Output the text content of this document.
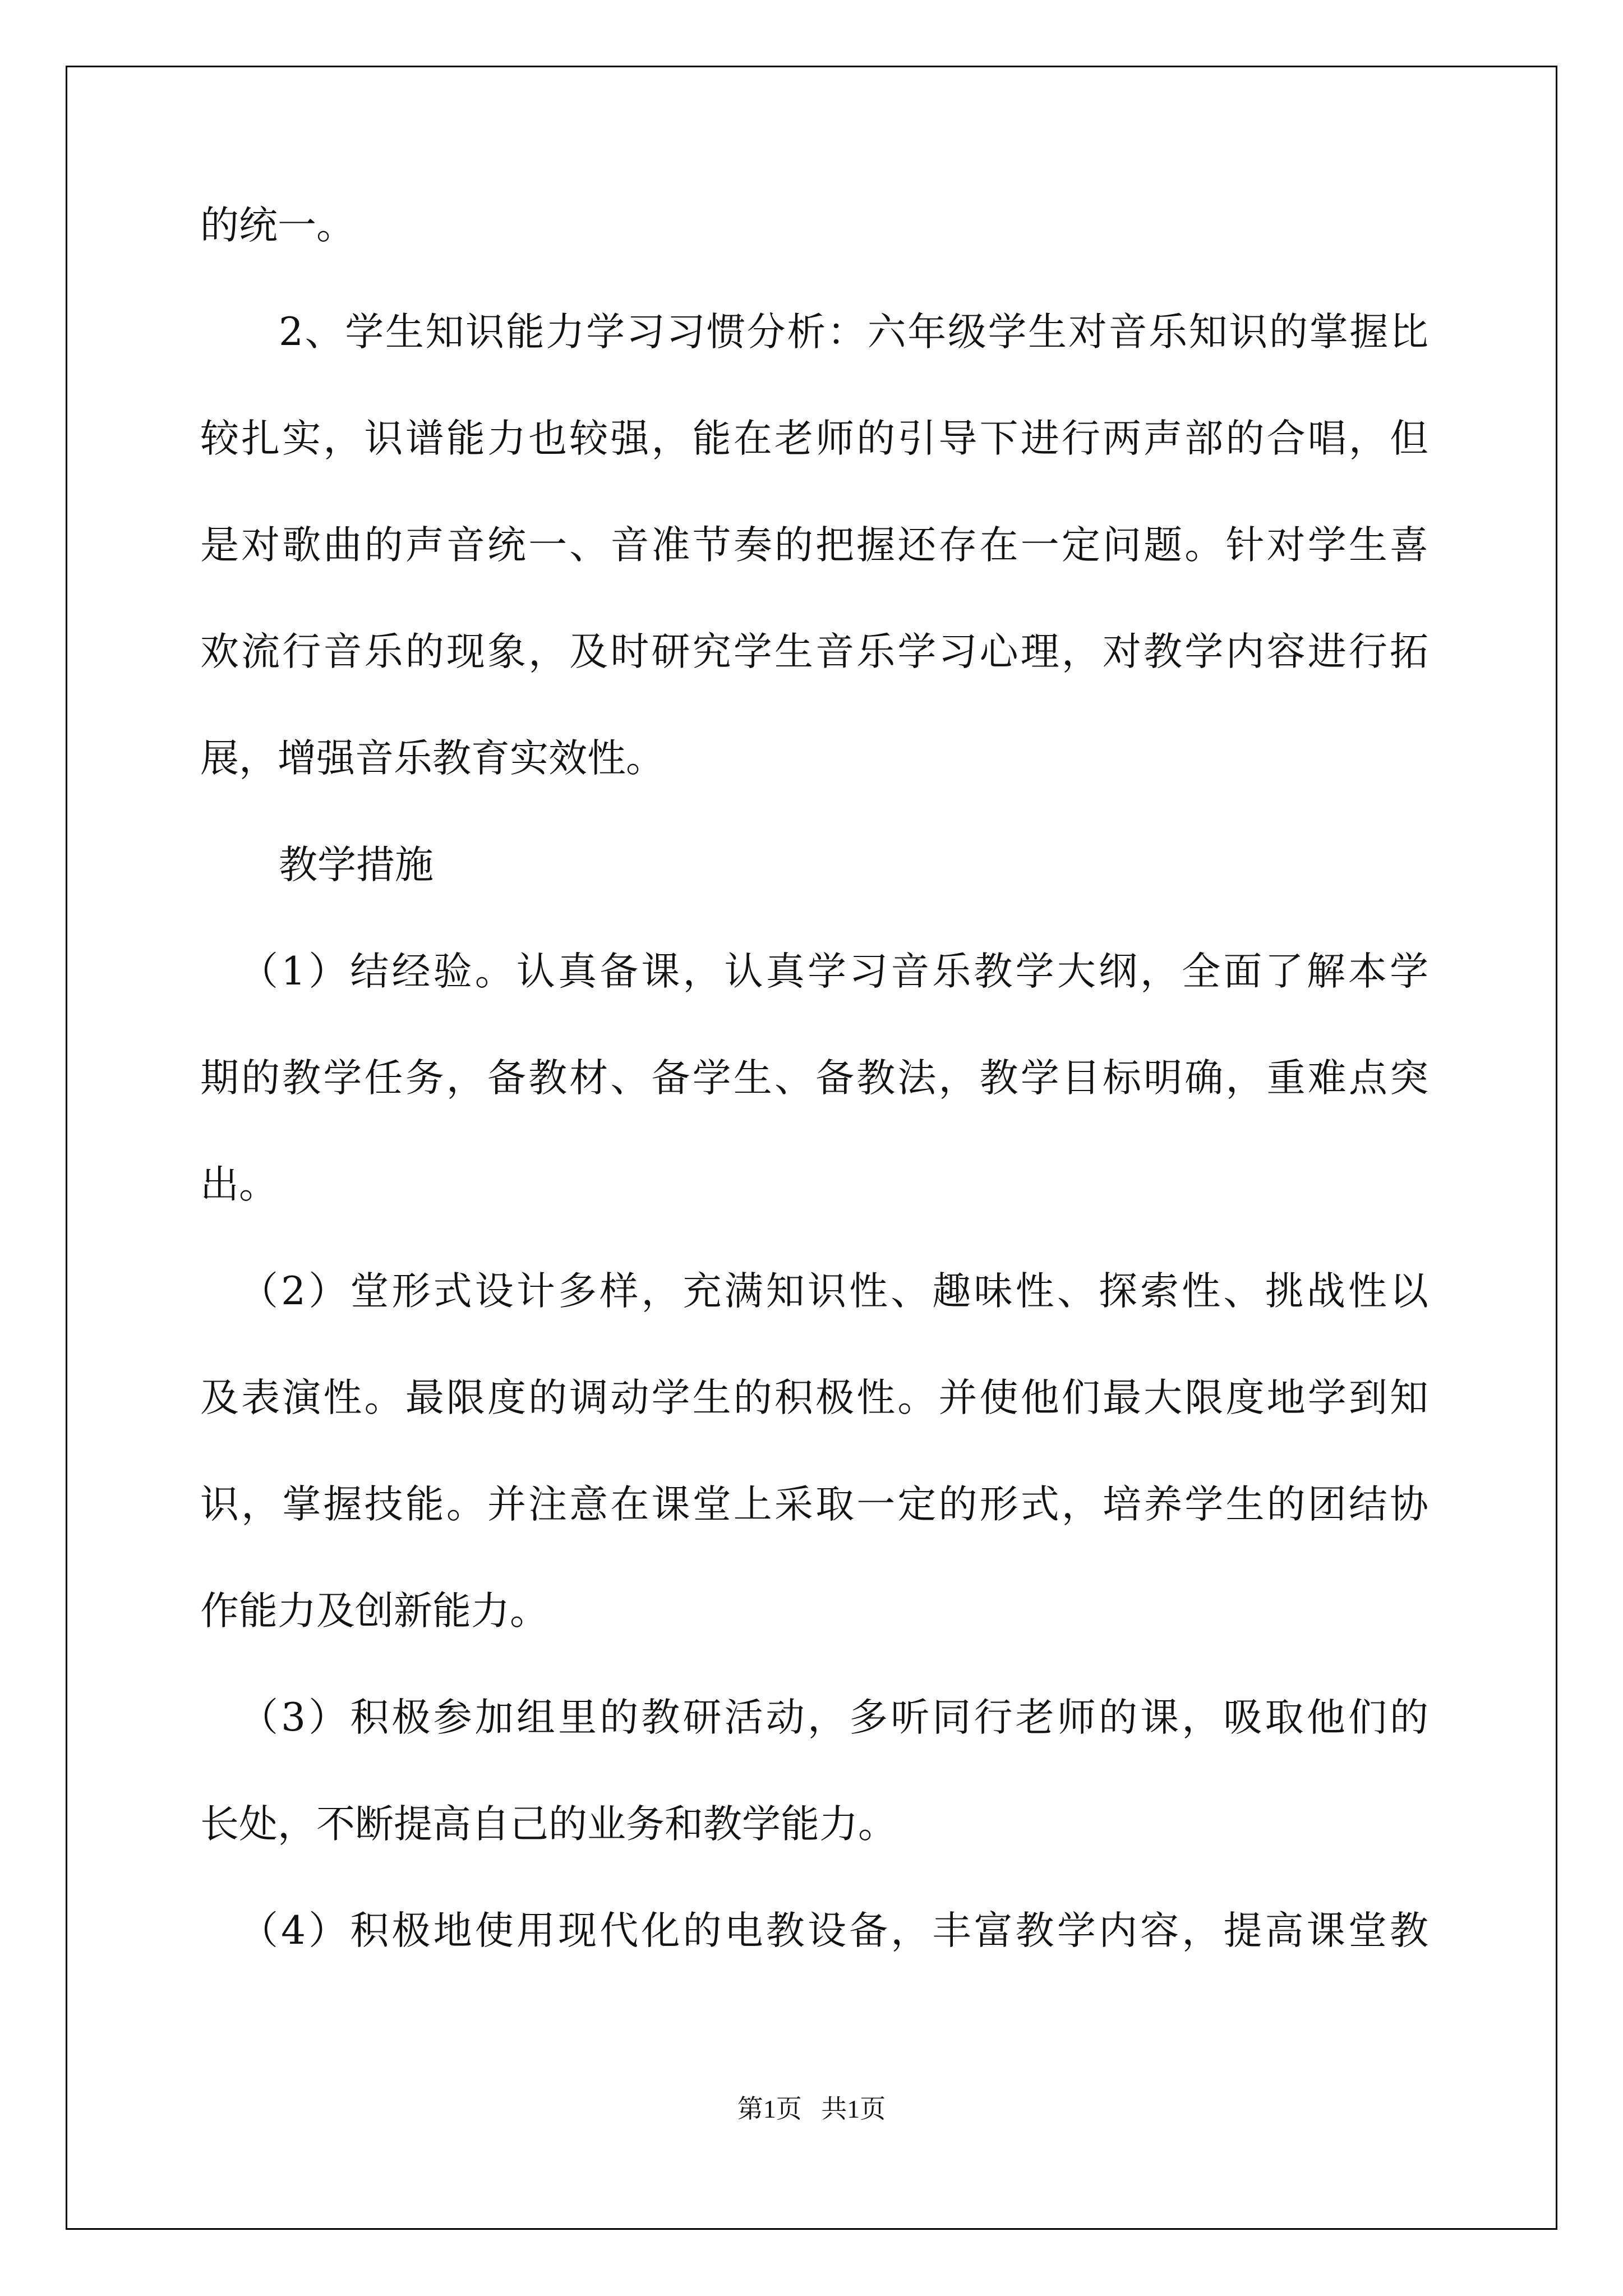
的统一。

2、学生知识能力学习习惯分析：六年级学生对音乐知识的掌握比

较扎实，识谱能力也较强，能在老师的引导下进行两声部的合唱，但

是对歌曲的声音统一、音准节奏的把握还存在一定问题。针对学生喜

欢流行音乐的现象，及时研究学生音乐学习心理，对教学内容进行拓

展，增强音乐教育实效性。

教学措施

（1）结经验。认真备课，认真学习音乐教学大纲，全面了解本学

期的教学任务，备教材、备学生、备教法，教学目标明确，重难点突

出。

（2）堂形式设计多样，充满知识性、趣味性、探索性、挑战性以

及表演性。最限度的调动学生的积极性。并使他们最大限度地学到知

识，掌握技能。并注意在课堂上采取一定的形式，培养学生的团结协

作能力及创新能力。

（3）积极参加组里的教研活动，多听同行老师的课，吸取他们的

长处，不断提高自己的业务和教学能力。

（4）积极地使用现代化的电教设备，丰富教学内容，提高课堂教

第1页   共1页
